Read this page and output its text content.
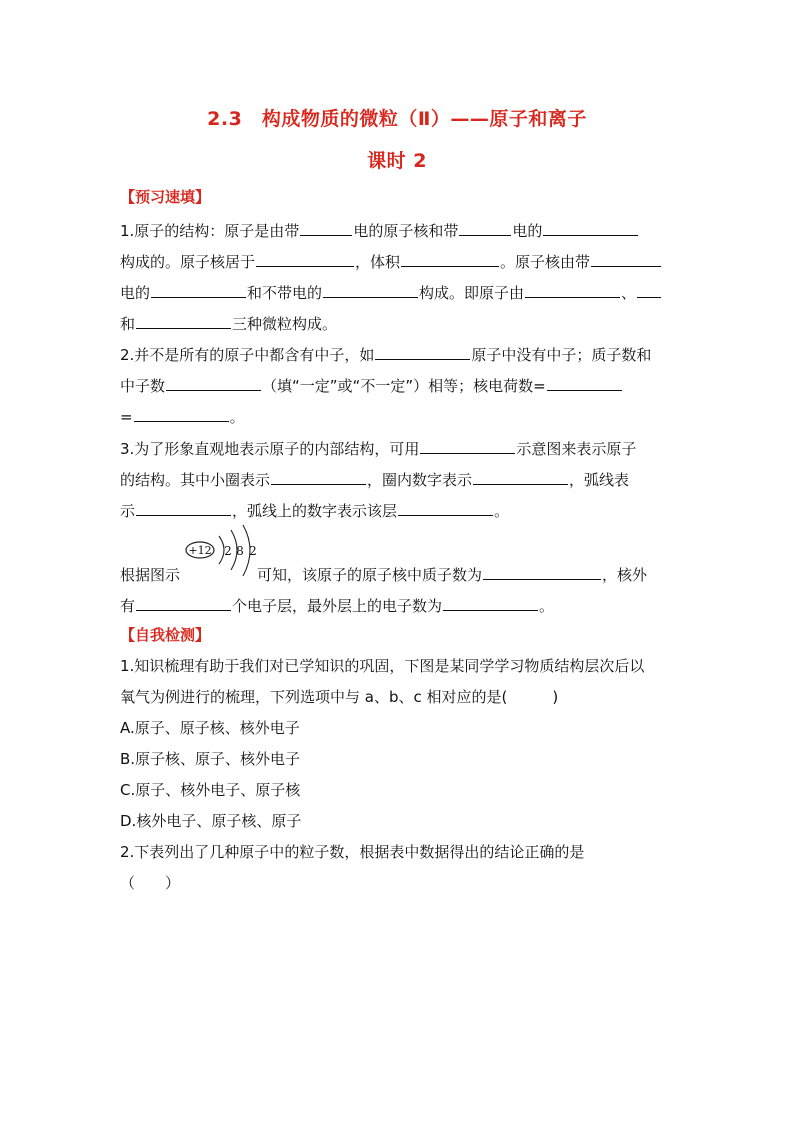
2.3　构成物质的微粒（Ⅱ）——原子和离子
课时 2
【预习速填】
1.原子的结构：原子是由带	电的原子核和带	电的
构成的。原子核居于	，体积	。原子核由带
电的	和不带电的	构成。即原子由	、
和	三种微粒构成。
2.并不是所有的原子中都含有中子，如	原子中没有中子；质子数和
中子数	（填“一定”或“不一定”）相等；核电荷数=
=	。
3.为了形象直观地表示原子的内部结构，可用	示意图来表示原子
的结构。其中小圈表示	，圈内数字表示	，弧线表
示	，弧线上的数字表示该层	。
+12 2 8 2
根据图示	可知，该原子的原子核中质子数为	，核外
有	个电子层，最外层上的电子数为	。
【自我检测】
1.知识梳理有助于我们对已学知识的巩固，下图是某同学学习物质结构层次后以
氧气为例进行的梳理，下列选项中与 a、b、c 相对应的是(　　　)
A.原子、原子核、核外电子
B.原子核、原子、核外电子
C.原子、核外电子、原子核
D.核外电子、原子核、原子
2.下表列出了几种原子中的粒子数，根据表中数据得出的结论正确的是
（　　）
